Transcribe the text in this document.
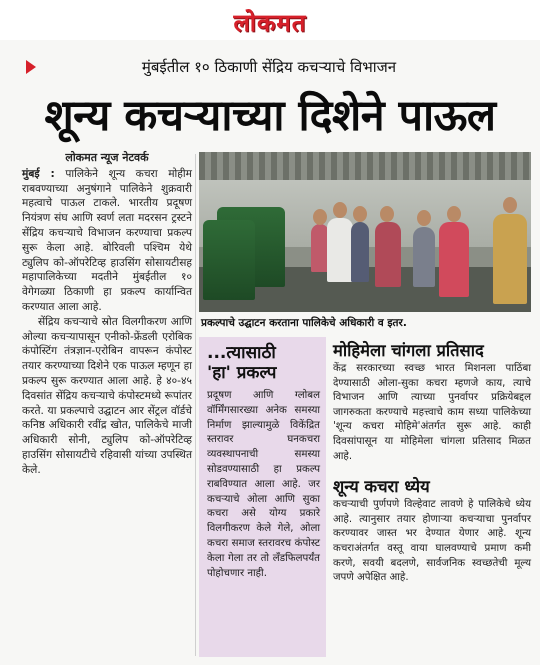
लोकमत
मुंबईतील १० ठिकाणी सेंद्रिय कचऱ्याचे विभाजन
शून्य कचऱ्याच्या दिशेने पाऊल
लोकमत न्यूज नेटवर्क

मुंबई : पालिकेने शून्य कचरा मोहीम राबवण्याच्या अनुषंगाने पालिकेने शुक्रवारी महत्वाचे पाऊल टाकले. भारतीय प्रदूषण नियंत्रण संघ आणि स्वर्ण लता मदरसन ट्रस्टने सेंद्रिय कचऱ्याचे विभाजन करण्याचा प्रकल्प सुरू केला आहे. बोरिवली पश्चिम येथे ट्युलिप को-ऑपरेटिव्ह हाउसिंग सोसायटीसह महापालिकेच्या मदतीने मुंबईतील १० वेगेगळ्या ठिकाणी हा प्रकल्प कार्यान्वित करण्यात आला आहे.

सेंद्रिय कचऱ्याचे स्रोत विलगीकरण आणि ओल्या कचऱ्यापासून एनीको-फ्रेंडली एरोबिक कंपोस्टिंग तंत्रज्ञान-एरोबिन वापरून कंपोस्ट तयार करण्याच्या दिशेने एक पाऊल म्हणून हा प्रकल्प सुरू करण्यात आला आहे. हे ४०-४५ दिवसांत सेंद्रिय कचऱ्याचे कंपोस्टमध्ये रूपांतर करते. या प्रकल्पाचे उद्घाटन आर सेंट्रल वॉर्डचे कनिष्ठ अधिकारी रवींद्र खोत, पालिकेचे माजी अधिकारी सोनी, ट्युलिप को-ऑपरेटिव्ह हाउसिंग सोसायटीचे रहिवासी यांच्या उपस्थित केले.

प्रकल्पाचे उद्घाटन करताना पालिकेचे अधिकारी व इतर.
...त्यासाठी
'हा' प्रकल्प
प्रदूषण आणि ग्लोबल वॉर्मिंगसारख्या अनेक समस्या निर्माण झाल्यामुळे विकेंद्रित स्तरावर घनकचरा व्यवस्थापनाची समस्या सोडवण्यासाठी हा प्रकल्प राबविण्यात आला आहे. जर कचऱ्याचे ओला आणि सुका कचरा असे योग्य प्रकारे विलगीकरण केले गेले, ओला कचरा समाज स्तरावरच कंपोस्ट केला गेला तर तो लँडफिलपर्यंत पोहोचणार नाही.
मोहिमेला चांगला प्रतिसाद
केंद्र सरकारच्या स्वच्छ भारत मिशनला पाठिंबा देण्यासाठी ओला-सुका कचरा म्हणजे काय, त्याचे विभाजन आणि त्याच्या पुनर्वापर प्रक्रियेबद्दल जागरुकता करण्याचे महत्त्वाचे काम सध्या पालिकेच्या 'शून्य कचरा मोहिमे'अंतर्गत सुरू आहे. काही दिवसांपासून या मोहिमेला चांगला प्रतिसाद मिळत आहे.
शून्य कचरा ध्येय
कचऱ्याची पुर्णपणे विल्हेवाट लावणे हे पालिकेचे ध्येय आहे. त्यानुसार तयार होणाऱ्या कचऱ्याचा पुनर्वापर करण्यावर जास्त भर देण्यात येणार आहे. शून्य कचराअंतर्गत वस्तू वाया घालवण्याचे प्रमाण कमी करणे, सवयी बदलणे, सार्वजनिक स्वच्छतेची मूल्य जपणे अपेक्षित आहे.
